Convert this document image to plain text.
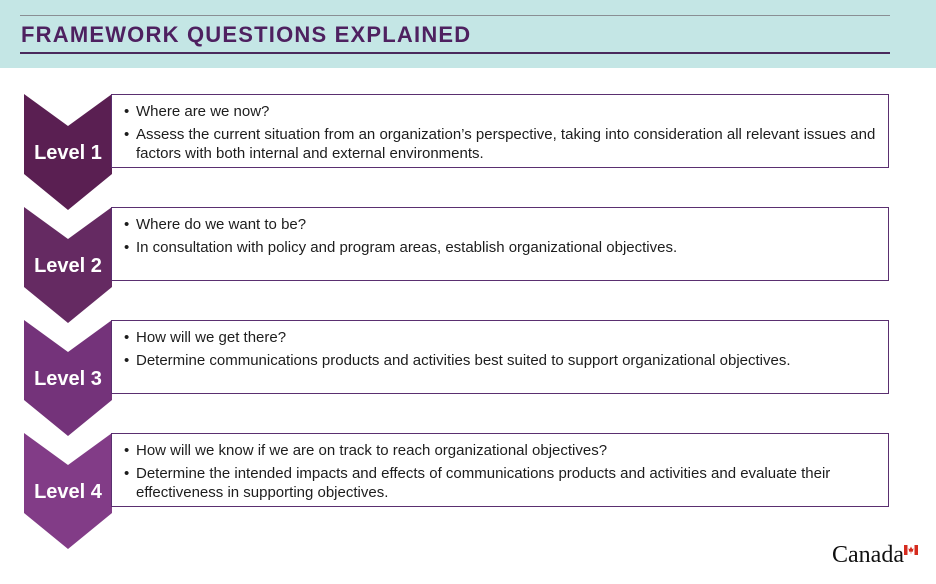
FRAMEWORK QUESTIONS EXPLAINED
Level 1
• Where are we now?
• Assess the current situation from an organization’s perspective, taking into consideration all relevant issues and factors with both internal and external environments.
Level 2
• Where do we want to be?
• In consultation with policy and program areas, establish organizational objectives.
Level 3
• How will we get there?
• Determine communications products and activities best suited to support organizational objectives.
Level 4
• How will we know if we are on track to reach organizational objectives?
• Determine the intended impacts and effects of communications products and activities and evaluate their effectiveness in supporting objectives.
Canada
